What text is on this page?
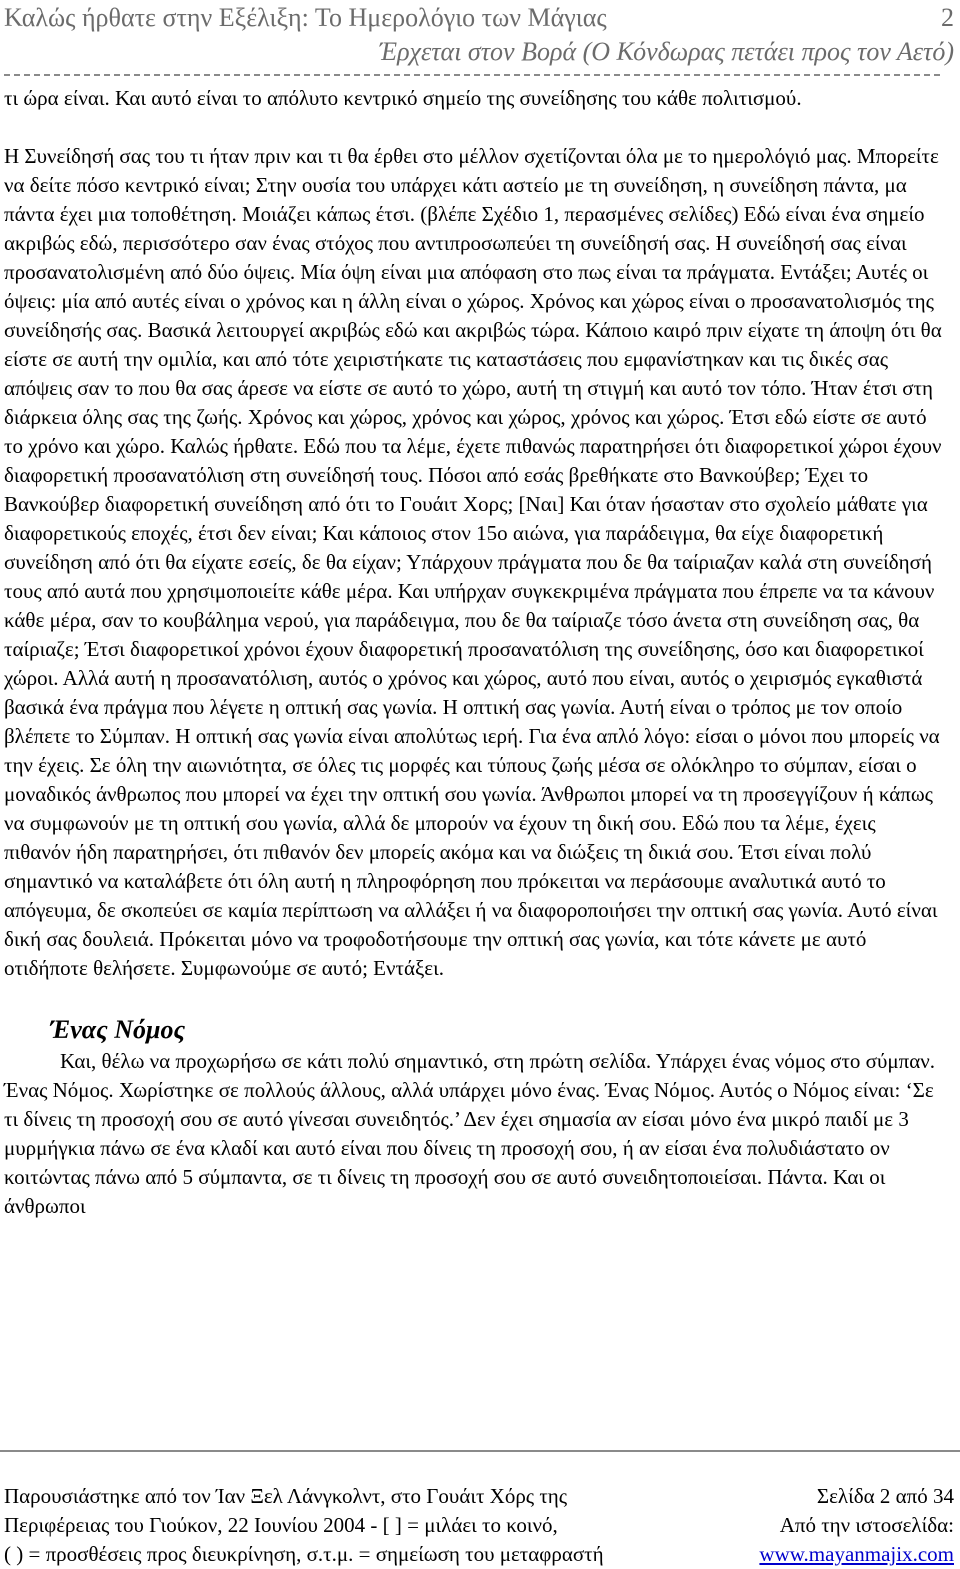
Καλώς ήρθατε στην Εξέλιξη: Το Ημερολόγιο των Μάγιας	2
Έρχεται στον Βορά (Ο Κόνδωρας πετάει προς τον Αετό)

τι ώρα είναι. Και αυτό είναι το απόλυτο κεντρικό σημείο της συνείδησης του κάθε πολιτισμού.

Η Συνείδησή σας του τι ήταν πριν και τι θα έρθει στο μέλλον σχετίζονται όλα με το ημερολόγιό μας. Μπορείτε να δείτε πόσο κεντρικό είναι; Στην ουσία του υπάρχει κάτι αστείο με τη συνείδηση, η συνείδηση πάντα, μα πάντα έχει μια τοποθέτηση. Μοιάζει κάπως έτσι. (βλέπε Σχέδιο 1, περασμένες σελίδες) Εδώ είναι ένα σημείο ακριβώς εδώ, περισσότερο σαν ένας στόχος που αντιπροσωπεύει τη συνείδησή σας. Η συνείδησή σας είναι προσανατολισμένη από δύο όψεις. Μία όψη είναι μια απόφαση στο πως είναι τα πράγματα. Εντάξει; Αυτές οι όψεις: μία από αυτές είναι ο χρόνος και η άλλη είναι ο χώρος. Χρόνος και χώρος είναι ο προσανατολισμός της συνείδησής σας. Βασικά λειτουργεί ακριβώς εδώ και ακριβώς τώρα. Κάποιο καιρό πριν είχατε τη άποψη ότι θα είστε σε αυτή την ομιλία, και από τότε χειριστήκατε τις καταστάσεις που εμφανίστηκαν και τις δικές σας απόψεις σαν το που θα σας άρεσε να είστε σε αυτό το χώρο, αυτή τη στιγμή και αυτό τον τόπο. Ήταν έτσι στη διάρκεια όλης σας της ζωής. Χρόνος και χώρος, χρόνος και χώρος, χρόνος και χώρος. Έτσι εδώ είστε σε αυτό το χρόνο και χώρο. Καλώς ήρθατε. Εδώ που τα λέμε, έχετε πιθανώς παρατηρήσει ότι διαφορετικοί χώροι έχουν διαφορετική προσανατόλιση στη συνείδησή τους. Πόσοι από εσάς βρεθήκατε στο Βανκούβερ; Έχει το Βανκούβερ διαφορετική συνείδηση από ότι το Γουάιτ Χορς; [Ναι] Και όταν ήσασταν στο σχολείο μάθατε για διαφορετικούς εποχές, έτσι δεν είναι; Και κάποιος στον 15ο αιώνα, για παράδειγμα, θα είχε διαφορετική συνείδηση από ότι θα είχατε εσείς, δε θα είχαν; Υπάρχουν πράγματα που δε θα ταίριαζαν καλά στη συνείδησή τους από αυτά που χρησιμοποιείτε κάθε μέρα. Και υπήρχαν συγκεκριμένα πράγματα που έπρεπε να τα κάνουν κάθε μέρα, σαν το κουβάλημα νερού, για παράδειγμα, που δε θα ταίριαζε τόσο άνετα στη συνείδηση σας, θα ταίριαζε; Έτσι διαφορετικοί χρόνοι έχουν διαφορετική προσανατόλιση της συνείδησης, όσο και διαφορετικοί χώροι. Αλλά αυτή η προσανατόλιση, αυτός ο χρόνος και χώρος, αυτό που είναι, αυτός ο χειρισμός εγκαθιστά βασικά ένα πράγμα που λέγετε η οπτική σας γωνία. Η οπτική σας γωνία. Αυτή είναι ο τρόπος με τον οποίο βλέπετε το Σύμπαν. Η οπτική σας γωνία είναι απολύτως ιερή. Για ένα απλό λόγο: είσαι ο μόνοι που μπορείς να την έχεις. Σε όλη την αιωνιότητα, σε όλες τις μορφές και τύπους ζωής μέσα σε ολόκληρο το σύμπαν, είσαι ο μοναδικός άνθρωπος που μπορεί να έχει την οπτική σου γωνία. Άνθρωποι μπορεί να τη προσεγγίζουν ή κάπως να συμφωνούν με τη οπτική σου γωνία, αλλά δε μπορούν να έχουν τη δική σου. Εδώ που τα λέμε, έχεις πιθανόν ήδη παρατηρήσει, ότι πιθανόν δεν μπορείς ακόμα και να διώξεις τη δικιά σου. Έτσι είναι πολύ σημαντικό να καταλάβετε ότι όλη αυτή η πληροφόρηση που πρόκειται να περάσουμε αναλυτικά αυτό το απόγευμα, δε σκοπεύει σε καμία περίπτωση να αλλάξει ή να διαφοροποιήσει την οπτική σας γωνία. Αυτό είναι δική σας δουλειά. Πρόκειται μόνο να τροφοδοτήσουμε την οπτική σας γωνία, και τότε κάνετε με αυτό οτιδήποτε θελήσετε. Συμφωνούμε σε αυτό; Εντάξει.

Ένας Νόμος

Και, θέλω να προχωρήσω σε κάτι πολύ σημαντικό, στη πρώτη σελίδα. Υπάρχει ένας νόμος στο σύμπαν. Ένας Νόμος. Χωρίστηκε σε πολλούς άλλους, αλλά υπάρχει μόνο ένας. Ένας Νόμος. Αυτός ο Νόμος είναι: ‘Σε τι δίνεις τη προσοχή σου σε αυτό γίνεσαι συνειδητός.’ Δεν έχει σημασία αν είσαι μόνο ένα μικρό παιδί με 3 μυρμήγκια πάνω σε ένα κλαδί και αυτό είναι που δίνεις τη προσοχή σου, ή αν είσαι ένα πολυδιάστατο ον κοιτώντας πάνω από 5 σύμπαντα, σε τι δίνεις τη προσοχή σου σε αυτό συνειδητοποιείσαι. Πάντα. Και οι άνθρωποι

Παρουσιάστηκε από τον Ίαν Ξελ Λάνγκολντ, στο Γουάιτ Χόρς της
Περιφέρειας του Γιούκον, 22 Ιουνίου 2004 - [ ] = μιλάει το κοινό,
( ) = προσθέσεις προς διευκρίνηση, σ.τ.μ. = σημείωση του μεταφραστή
Σελίδα 2 από 34
Από την ιστοσελίδα:
www.mayanmajix.com
